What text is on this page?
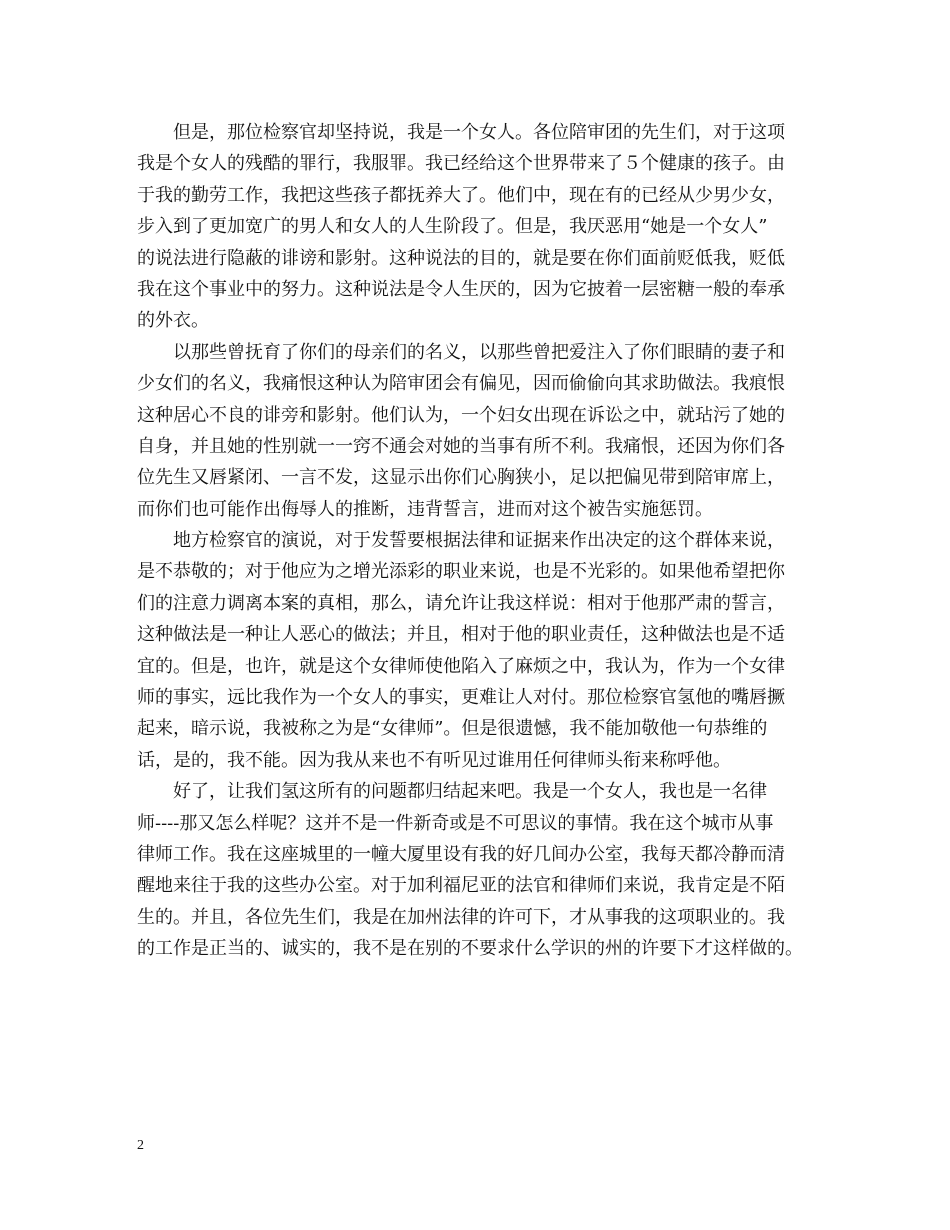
但是，那位检察官却坚持说，我是一个女人。各位陪审团的先生们，对于这项
我是个女人的残酷的罪行，我服罪。我已经给这个世界带来了５个健康的孩子。由
于我的勤劳工作，我把这些孩子都抚养大了。他们中，现在有的已经从少男少女，
步入到了更加宽广的男人和女人的人生阶段了。但是，我厌恶用“她是一个女人”
的说法进行隐蔽的诽谤和影射。这种说法的目的，就是要在你们面前贬低我，贬低
我在这个事业中的努力。这种说法是令人生厌的，因为它披着一层密糖一般的奉承
的外衣。
以那些曾抚育了你们的母亲们的名义，以那些曾把爱注入了你们眼睛的妻子和
少女们的名义，我痛恨这种认为陪审团会有偏见，因而偷偷向其求助做法。我痕恨
这种居心不良的诽旁和影射。他们认为，一个妇女出现在诉讼之中，就玷污了她的
自身，并且她的性别就一一窍不通会对她的当事有所不利。我痛恨，还因为你们各
位先生又唇紧闭、一言不发，这显示出你们心胸狭小，足以把偏见带到陪审席上，
而你们也可能作出侮辱人的推断，违背誓言，进而对这个被告实施惩罚。
地方检察官的演说，对于发誓要根据法律和证据来作出决定的这个群体来说，
是不恭敬的；对于他应为之增光添彩的职业来说，也是不光彩的。如果他希望把你
们的注意力调离本案的真相，那么，请允许让我这样说：相对于他那严肃的誓言，
这种做法是一种让人恶心的做法；并且，相对于他的职业责任，这种做法也是不适
宜的。但是，也许，就是这个女律师使他陷入了麻烦之中，我认为，作为一个女律
师的事实，远比我作为一个女人的事实，更难让人对付。那位检察官氢他的嘴唇撅
起来，暗示说，我被称之为是“女律师”。但是很遗憾，我不能加敬他一句恭维的
话，是的，我不能。因为我从来也不有听见过谁用任何律师头衔来称呼他。
好了，让我们氢这所有的问题都归结起来吧。我是一个女人，我也是一名律
师----那又怎么样呢？这并不是一件新奇或是不可思议的事情。我在这个城市从事
律师工作。我在这座城里的一幢大厦里设有我的好几间办公室，我每天都冷静而清
醒地来往于我的这些办公室。对于加利福尼亚的法官和律师们来说，我肯定是不陌
生的。并且，各位先生们，我是在加州法律的许可下，才从事我的这项职业的。我
的工作是正当的、诚实的，我不是在别的不要求什么学识的州的许要下才这样做的。
2
